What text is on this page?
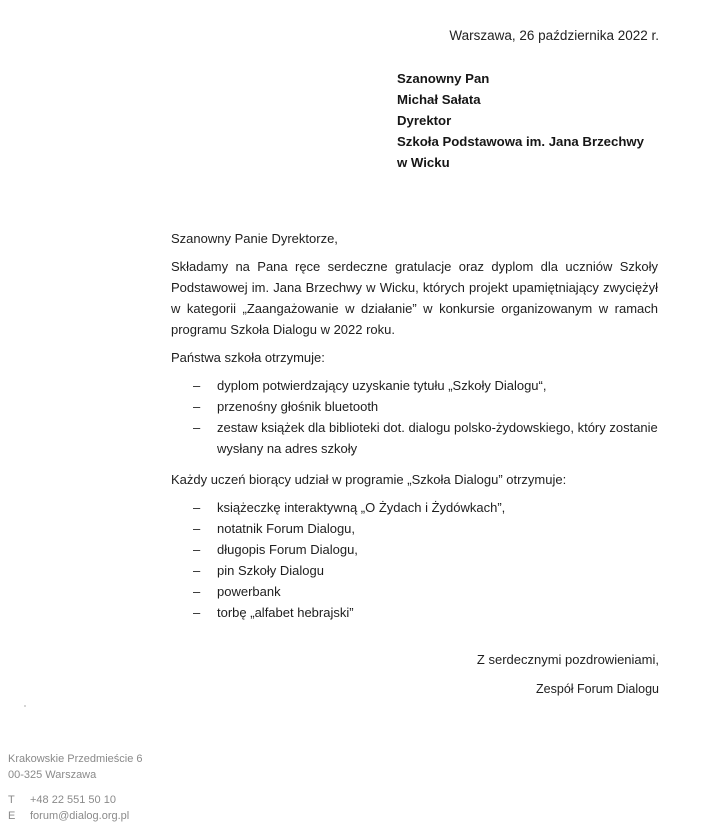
Warszawa, 26 października 2022 r.
Szanowny Pan
Michał Sałata
Dyrektor
Szkoła Podstawowa im. Jana Brzechwy
w Wicku
Szanowny Panie Dyrektorze,
Składamy na Pana ręce serdeczne gratulacje oraz dyplom dla uczniów Szkoły Podstawowej im. Jana Brzechwy w Wicku, których projekt upamiętniający zwyciężył w kategorii „Zaangażowanie w działanie” w konkursie organizowanym w ramach programu Szkoła Dialogu w 2022 roku.
Państwa szkoła otrzymuje:
– dyplom potwierdzający uzyskanie tytułu „Szkoły Dialogu“,
– przenośny głośnik bluetooth
– zestaw książek dla biblioteki dot. dialogu polsko-żydowskiego, który zostanie wysłany na adres szkoły
Każdy uczeń biorący udział w programie „Szkoła Dialogu” otrzymuje:
– książeczkę interaktywną „O Żydach i Żydówkach”,
– notatnik Forum Dialogu,
– długopis Forum Dialogu,
– pin Szkoły Dialogu
– powerbank
– torbę „alfabet hebrajski”
Z serdecznymi pozdrowieniami,
Zespół Forum Dialogu
Krakowskie Przedmieście 6
00-325 Warszawa
T	+48 22 551 50 10
E	forum@dialog.org.pl
